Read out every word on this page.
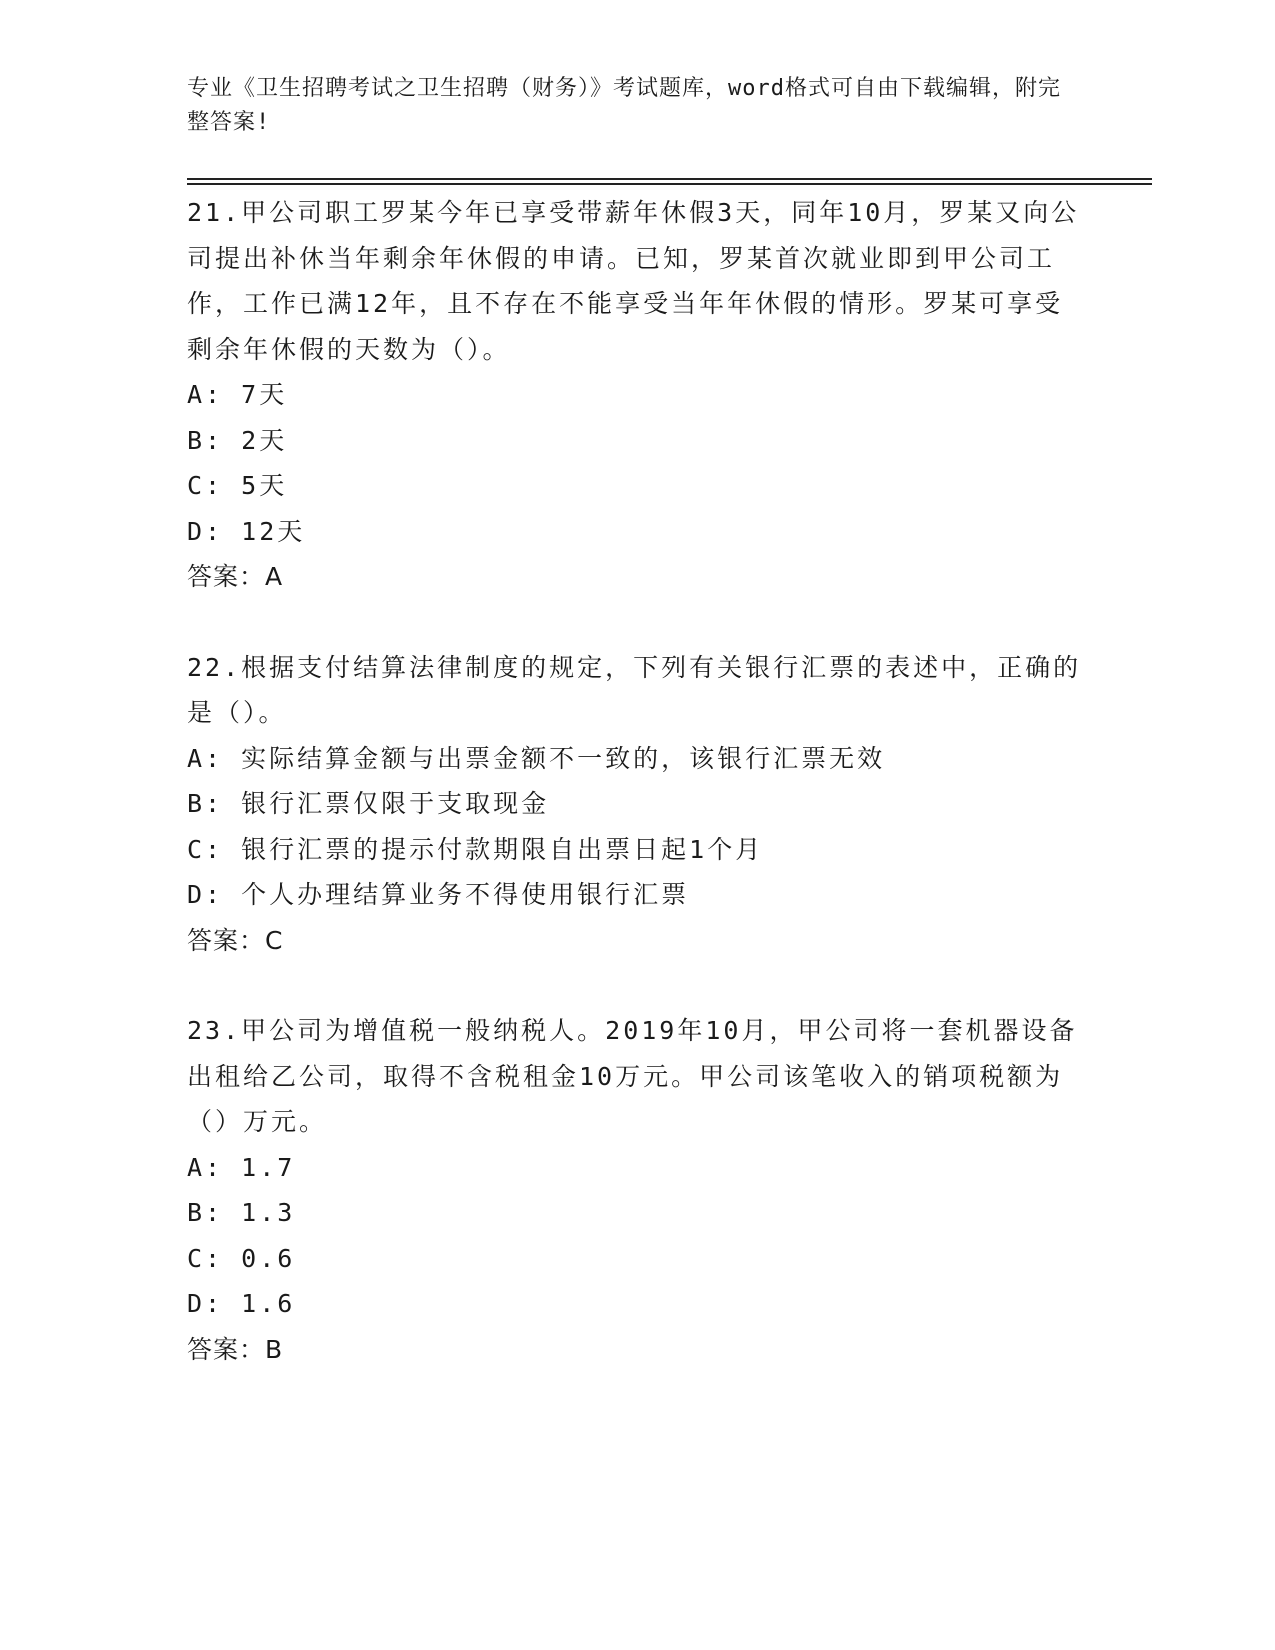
专业《卫生招聘考试之卫生招聘（财务）》考试题库，word格式可自由下载编辑，附完整答案!

21.甲公司职工罗某今年已享受带薪年休假3天，同年10月，罗某又向公司提出补休当年剩余年休假的申请。已知，罗某首次就业即到甲公司工作，工作已满12年，且不存在不能享受当年年休假的情形。罗某可享受剩余年休假的天数为（）。

A: 7天

B: 2天

C: 5天

D: 12天

答案：A

22.根据支付结算法律制度的规定，下列有关银行汇票的表述中，正确的是（）。

A: 实际结算金额与出票金额不一致的，该银行汇票无效

B: 银行汇票仅限于支取现金

C: 银行汇票的提示付款期限自出票日起1个月

D: 个人办理结算业务不得使用银行汇票

答案：C

23.甲公司为增值税一般纳税人。2019年10月，甲公司将一套机器设备出租给乙公司，取得不含税租金10万元。甲公司该笔收入的销项税额为（）万元。

A: 1.7

B: 1.3

C: 0.6

D: 1.6

答案：B
